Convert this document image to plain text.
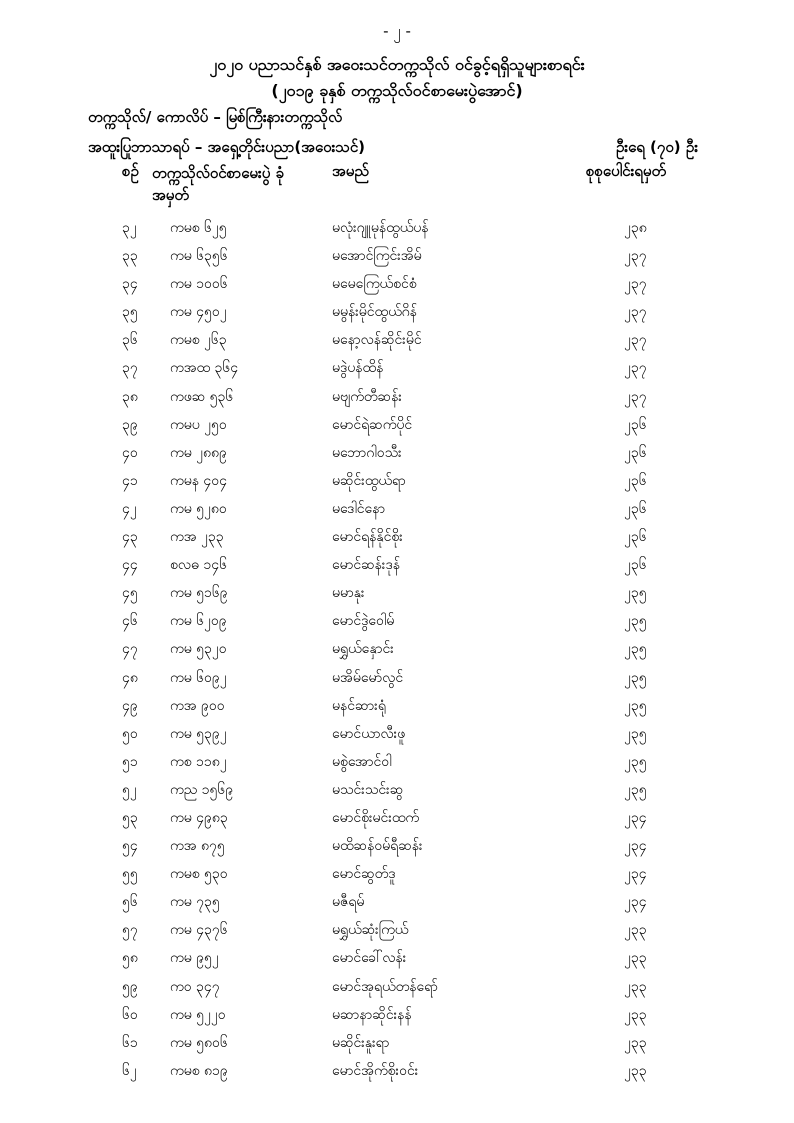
- ၂ -
၂၀၂၀ ပညာသင်နှစ် အဝေးသင်တက္ကသိုလ် ဝင်ခွင့်ရရှိသူများစာရင်း
(၂၀၁၉ ခုနှစ် တက္ကသိုလ်ဝင်စာမေးပွဲအောင်)
တက္ကသိုလ်/ ကောလိပ် – မြစ်ကြီးနားတက္ကသိုလ်
အထူးပြုဘာသာရပ် – အရှေ့တိုင်းပညာ(အဝေးသင်)	ဦးရေ (၇၀) ဦး
စဉ် တက္ကသိုလ်ဝင်စာမေးပွဲ ခုံအမှတ်
အမည်	စုစုပေါင်းရမှတ်
၃၂ ကမစ ၆၂၅	မလုံးဂျူမုန်ထွယ်ပန်	၂၃၈
၃၃ ကမ ၆၃၅၆	မအောင်ကြင်းအိမ်	၂၃၇
၃၄ ကမ ၁၀၀၆	မမေကြေယ်စင်စံ	၂၃၇
၃၅ ကမ ၄၅၀၂	မမွန်းမိုင်ထွယ်ဂိန်	၂၃၇
၃၆ ကမစ ၂၆၃	မနော့လန်ဆိုင်းမိုင်	၂၃၇
၃၇ ကအထ ၃၆၄	မဒွဲပန်ထိန်	၂၃၇
၃၈ ကဖဆ ၅၃၆	မဗျက်တီဆန်း	၂၃၇
၃၉ ကမပ ၂၅၀	မောင်ရဲဆက်ပိုင်	၂၃၆
၄၀ ကမ ၂၈၈၉	မဘောဂါဝသီး	၂၃၆
၄၁ ကမန ၄၀၄	မဆိုင်းထွယ်ရာ	၂၃၆
၄၂ ကမ ၅၂၈၀	မဒေါင်နော	၂၃၆
၄၃ ကအ ၂၃၃	မောင်ရန်နိုင်စိုး	၂၃၆
၄၄ စလဓ ၁၄၆	မောင်ဆန်းဒုန်	၂၃၆
၄၅ ကမ ၅၁၆၉	မမာနုး	၂၃၅
၄၆ ကမ ၆၂၀၉	မောင်ဒွဲဝေါမ်	၂၃၅
၄၇ ကမ ၅၃၂၀	မရွှယ်နှောင်း	၂၃၅
၄၈ ကမ ၆၀၉၂	မအိမ်မော်လွင်	၂၃၅
၄၉ ကအ ၉၀၀	မနင်ဆားရုံ	၂၃၅
၅၀ ကမ ၅၃၉၂	မောင်ယာလီးဖူ	၂၃၅
၅၁ ကစ ၁၁၈၂	မစွဲအောင်ဝါ	၂၃၅
၅၂ ကည ၁၅၆၉	မသင်းသင်းဆွ	၂၃၅
၅၃ ကမ ၄၉၈၃	မောင်စိုးမင်းထက်	၂၃၄
၅၄ ကအ ၈၇၅	မထိဆန်ဝမ်ရီဆန်း	၂၃၄
၅၅ ကမစ ၅၃၀	မောင်ဆွတ်ဒူ	၂၃၄
၅၆ ကမ ၇၃၅	မဇီရမ်	၂၃၄
၅၇ ကမ ၄၃၇၆	မရွှယ်ဆုံးကြယ်	၂၃၃
၅၈ ကမ ၉၅၂	မောင်ခေါ်လန်း	၂၃၃
၅၉ ကဝ ၃၄၇	မောင်အုရယ်တန်ရော်	၂၃၃
၆၀ ကမ ၅၂၂၀	မဆာနာဆိုင်းနန်	၂၃၃
၆၁ ကမ ၅၈၀၆	မဆိုင်းနူးရာ	၂၃၃
၆၂ ကမစ ၈၁၉	မောင်အိုက်စိုးဝင်း	၂၃၃
